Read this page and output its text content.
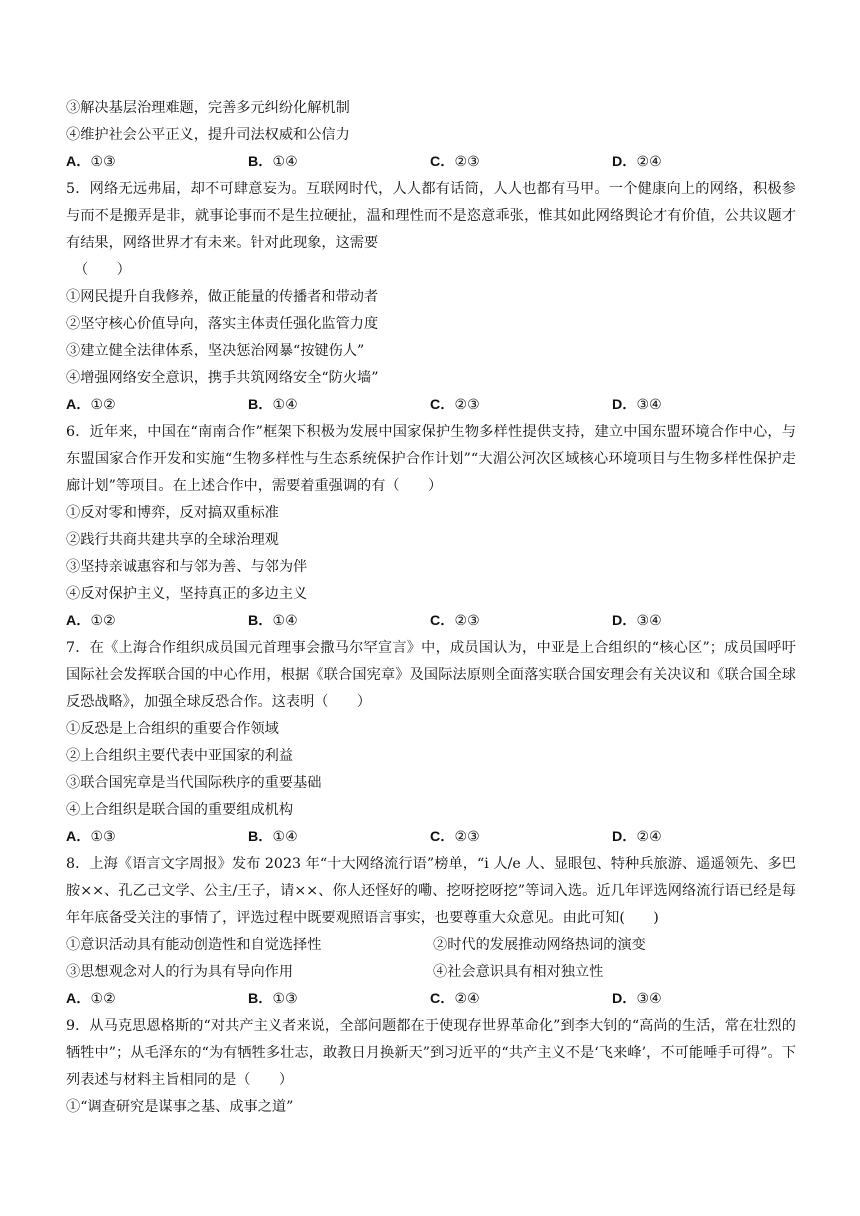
③解决基层治理难题，完善多元纠纷化解机制
④维护社会公平正义，提升司法权威和公信力
A．①③	B．①④	C．②③	D．②④
5．网络无远弗届，却不可肆意妄为。互联网时代，人人都有话筒，人人也都有马甲。一个健康向上的网络，积极参与而不是搬弄是非，就事论事而不是生拉硬扯，温和理性而不是恣意乖张，惟其如此网络舆论才有价值，公共议题才有结果，网络世界才有未来。针对此现象，这需要
（　　）
①网民提升自我修养，做正能量的传播者和带动者
②坚守核心价值导向，落实主体责任强化监管力度
③建立健全法律体系，坚决惩治网暴“按键伤人”
④增强网络安全意识，携手共筑网络安全“防火墙”
A．①②	B．①④	C．②③	D．③④
6．近年来，中国在“南南合作”框架下积极为发展中国家保护生物多样性提供支持，建立中国东盟环境合作中心，与东盟国家合作开发和实施“生物多样性与生态系统保护合作计划”“大湄公河次区域核心环境项目与生物多样性保护走廊计划”等项目。在上述合作中，需要着重强调的有（　　）
①反对零和博弈，反对搞双重标准
②践行共商共建共享的全球治理观
③坚持亲诚惠容和与邻为善、与邻为伴
④反对保护主义，坚持真正的多边主义
A．①②	B．①④	C．②③	D．③④
7．在《上海合作组织成员国元首理事会撒马尔罕宣言》中，成员国认为，中亚是上合组织的“核心区”；成员国呼吁国际社会发挥联合国的中心作用，根据《联合国宪章》及国际法原则全面落实联合国安理会有关决议和《联合国全球反恐战略》，加强全球反恐合作。这表明（　　）
①反恐是上合组织的重要合作领域
②上合组织主要代表中亚国家的利益
③联合国宪章是当代国际秩序的重要基础
④上合组织是联合国的重要组成机构
A．①③	B．①④	C．②③	D．②④
8．上海《语言文字周报》发布 2023 年“十大网络流行语”榜单，“i 人/e 人、显眼包、特种兵旅游、遥遥领先、多巴胺××、孔乙己文学、公主/王子，请××、你人还怪好的嘞、挖呀挖呀挖”等词入选。近几年评选网络流行语已经是每年年底备受关注的事情了，评选过程中既要观照语言事实，也要尊重大众意见。由此可知(　　)
①意识活动具有能动创造性和自觉选择性	②时代的发展推动网络热词的演变
③思想观念对人的行为具有导向作用	④社会意识具有相对独立性
A．①②	B．①③	C．②④	D．③④
9．从马克思恩格斯的“对共产主义者来说，全部问题都在于使现存世界革命化”到李大钊的“高尚的生活，常在壮烈的牺牲中”；从毛泽东的“为有牺牲多壮志，敢教日月换新天”到习近平的“共产主义不是‘飞来峰’，不可能唾手可得”。下列表述与材料主旨相同的是（　　）
①“调查研究是谋事之基、成事之道”
